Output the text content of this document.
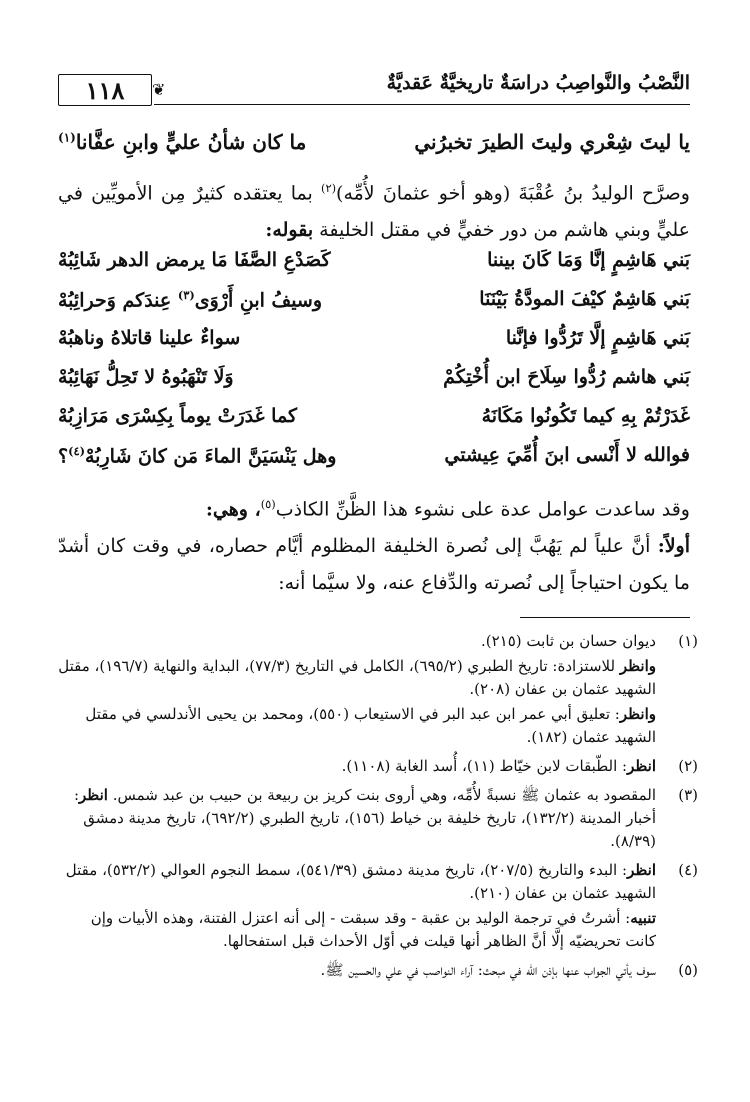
النَّصْبُ والنَّواصِبُ دراسَةٌ تاريخيَّةٌ عَقديَّةٌ
❦
١١٨
يا ليتَ شِعْري وليتَ الطيرَ تخبرُني
ما كان شأنُ عليٍّ وابنِ عفَّانا$^{(١)}$
وصرَّح الوليدُ بنُ عُقْبَةَ (وهو أخو عثمانَ لأُمِّه)$^{(٢)}$ بما يعتقده كثيرٌ مِن الأمويِّين في عليٍّ وبني هاشم من دور خفيٍّ في مقتل الخليفة بقوله:
بَني هَاشِمٍ إنَّا وَمَا كَانَ بيننا
كَصَدْعِ الصَّفَا مَا يرمض الدهر شَائِبُهْ
بَني هَاشِمٌ كيْفَ المودَّةُ بَيْنَنَا
وسيفُ ابنِ أَرْوَى$^{(٣)}$ عِندَكم وَحرائِبُهْ
بَني هَاشِمٍ إلَّا تَرُدُّوا فإنَّنا
سواءٌ علينا قاتلاهُ وناهبُهْ
بَني هاشم رُدُّوا سِلَاحَ ابن أُخْتِكُمْ
وَلَا تَنْهَبُوهُ لا تَحِلُّ نَهَائِبُهْ
غَدَرْتُمْ بِهِ كيما تَكُونُوا مَكَانَهُ
كما غَدَرَتْ يوماً بِكِسْرَى مَرَازِبُهْ
فوالله لا أَنْسى ابنَ أُمِّيَ عِيشتي
وهل يَنْسَيَنَّ الماءَ مَن كانَ شَارِبُهْ$^{(٤)}$؟
وقد ساعدت عوامل عدة على نشوء هذا الظَّنِّ الكاذب$^{(٥)}$، وهي:
أولاً: أنَّ علياً لم يَهُبَّ إلى نُصرة الخليفة المظلوم أيَّام حصاره، في وقت كان أشدّ ما يكون احتياجاً إلى نُصرته والدِّفاع عنه، ولا سيَّما أنه:
(١)

ديوان حسان بن ثابت (٢١٥).

وانظر للاستزادة: تاريخ الطبري (٦٩٥/٢)، الكامل في التاريخ (٧٧/٣)، البداية والنهاية (١٩٦/٧)، مقتل الشهيد عثمان بن عفان (٢٠٨).

وانظر: تعليق أبي عمر ابن عبد البر في الاستيعاب (٥٥٠)، ومحمد بن يحيى الأندلسي في مقتل الشهيد عثمان (١٨٢).

(٢)

انظر: الطّبقات لابن خيّاط (١١)، أُسد الغابة (١١٠٨).

(٣)

المقصود به عثمان ﷺ نسبةً لأُمِّه، وهي أروى بنت كريز بن ربيعة بن حبيب بن عبد شمس. انظر: أخبار المدينة (١٣٢/٢)، تاريخ خليفة بن خياط (١٥٦)، تاريخ الطبري (٦٩٢/٢)، تاريخ مدينة دمشق (٨/٣٩).

(٤)

انظر: البدء والتاريخ (٢٠٧/٥)، تاريخ مدينة دمشق (٥٤١/٣٩)، سمط النجوم العوالي (٥٣٢/٢)، مقتل الشهيد عثمان بن عفان (٢١٠).

تنبيه: أشرتُ في ترجمة الوليد بن عقبة - وقد سبقت - إلى أنه اعتزل الفتنة، وهذه الأبيات وإن كانت تحريضيّه إلَّا أنَّ الظاهر أنها قيلت في أوّل الأحداث قبل استفحالها.

(٥)

سوف يأتي الجواب عنها بإذن الله في مبحث: آراء النواصب في علي والحسين ﷺ.
